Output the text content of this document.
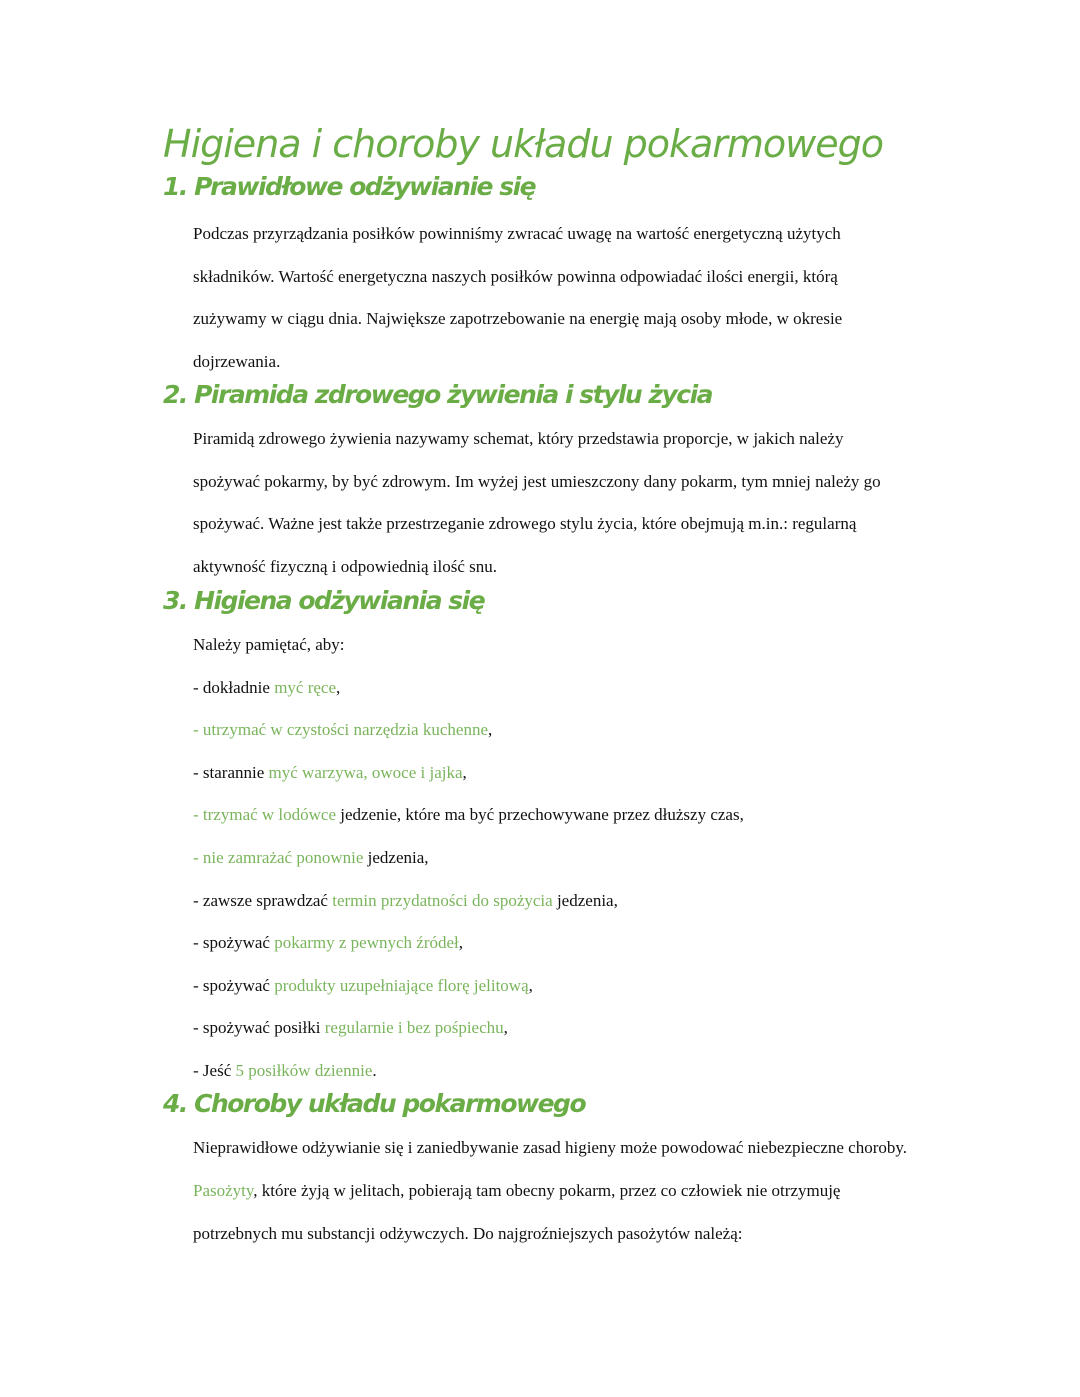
Higiena i choroby układu pokarmowego
1. Prawidłowe odżywianie się
Podczas przyrządzania posiłków powinniśmy zwracać uwagę na wartość energetyczną użytych
składników. Wartość energetyczna naszych posiłków powinna odpowiadać ilości energii, którą
zużywamy w ciągu dnia. Największe zapotrzebowanie na energię mają osoby młode, w okresie
dojrzewania.
2. Piramida zdrowego żywienia i stylu życia
Piramidą zdrowego żywienia nazywamy schemat, który przedstawia proporcje, w jakich należy
spożywać pokarmy, by być zdrowym. Im wyżej jest umieszczony dany pokarm, tym mniej należy go
spożywać. Ważne jest także przestrzeganie zdrowego stylu życia, które obejmują m.in.: regularną
aktywność fizyczną i odpowiednią ilość snu.
3. Higiena odżywiania się
Należy pamiętać, aby:
- dokładnie myć ręce,
- utrzymać w czystości narzędzia kuchenne,
- starannie myć warzywa, owoce i jajka,
- trzymać w lodówce jedzenie, które ma być przechowywane przez dłuższy czas,
- nie zamrażać ponownie jedzenia,
- zawsze sprawdzać termin przydatności do spożycia jedzenia,
- spożywać pokarmy z pewnych źródeł,
- spożywać produkty uzupełniające florę jelitową,
- spożywać posiłki regularnie i bez pośpiechu,
- Jeść 5 posiłków dziennie.
4. Choroby układu pokarmowego
Nieprawidłowe odżywianie się i zaniedbywanie zasad higieny może powodować niebezpieczne choroby.
Pasożyty, które żyją w jelitach, pobierają tam obecny pokarm, przez co człowiek nie otrzymuję
potrzebnych mu substancji odżywczych. Do najgroźniejszych pasożytów należą:
